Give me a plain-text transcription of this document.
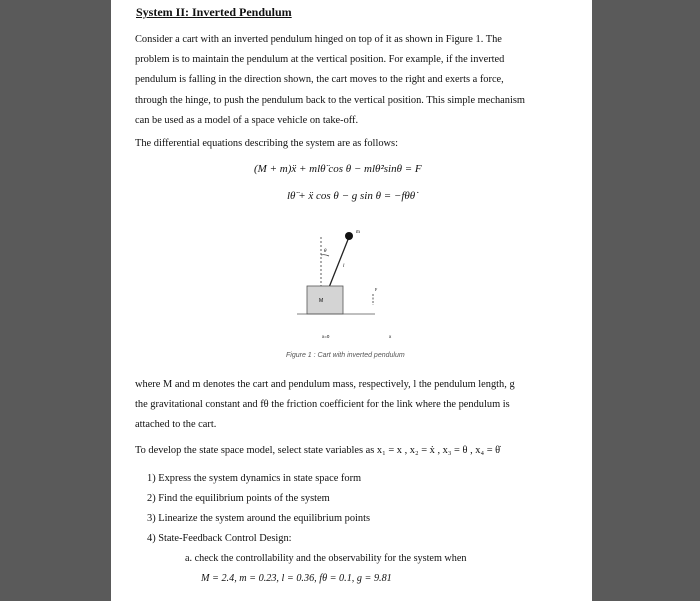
System II: Inverted Pendulum
Consider a cart with an inverted pendulum hinged on top of it as shown in Figure 1. The
problem is to maintain the pendulum at the vertical position. For example, if the inverted
pendulum is falling in the direction shown, the cart moves to the right and exerts a force,
through the hinge, to push the pendulum back to the vertical position. This simple mechanism
can be used as a model of a space vehicle on take-off.
The differential equations describing the system are as follows:
(M + m)ẍ + mlθ̈ cos θ − mlθ̇²sinθ = F
lθ̈ + ẍ cos θ − g sin θ = −fθθ̇
θ
m
l
M
F
x=0	x
Figure 1 : Cart with inverted pendulum
where M and m denotes the cart and pendulum mass, respectively, l the pendulum length, g
the gravitational constant and fθ the friction coefficient for the link where the pendulum is
attached to the cart.
To develop the state space model, select state variables as x₁ = x , x₂ = ẋ , x₃ = θ , x₄ = θ̇
1) Express the system dynamics in state space form
2) Find the equilibrium points of the system
3) Linearize the system around the equilibrium points
4) State-Feedback Control Design:
a. check the controllability and the observability for the system when
M = 2.4, m = 0.23, l = 0.36, fθ = 0.1, g = 9.81
